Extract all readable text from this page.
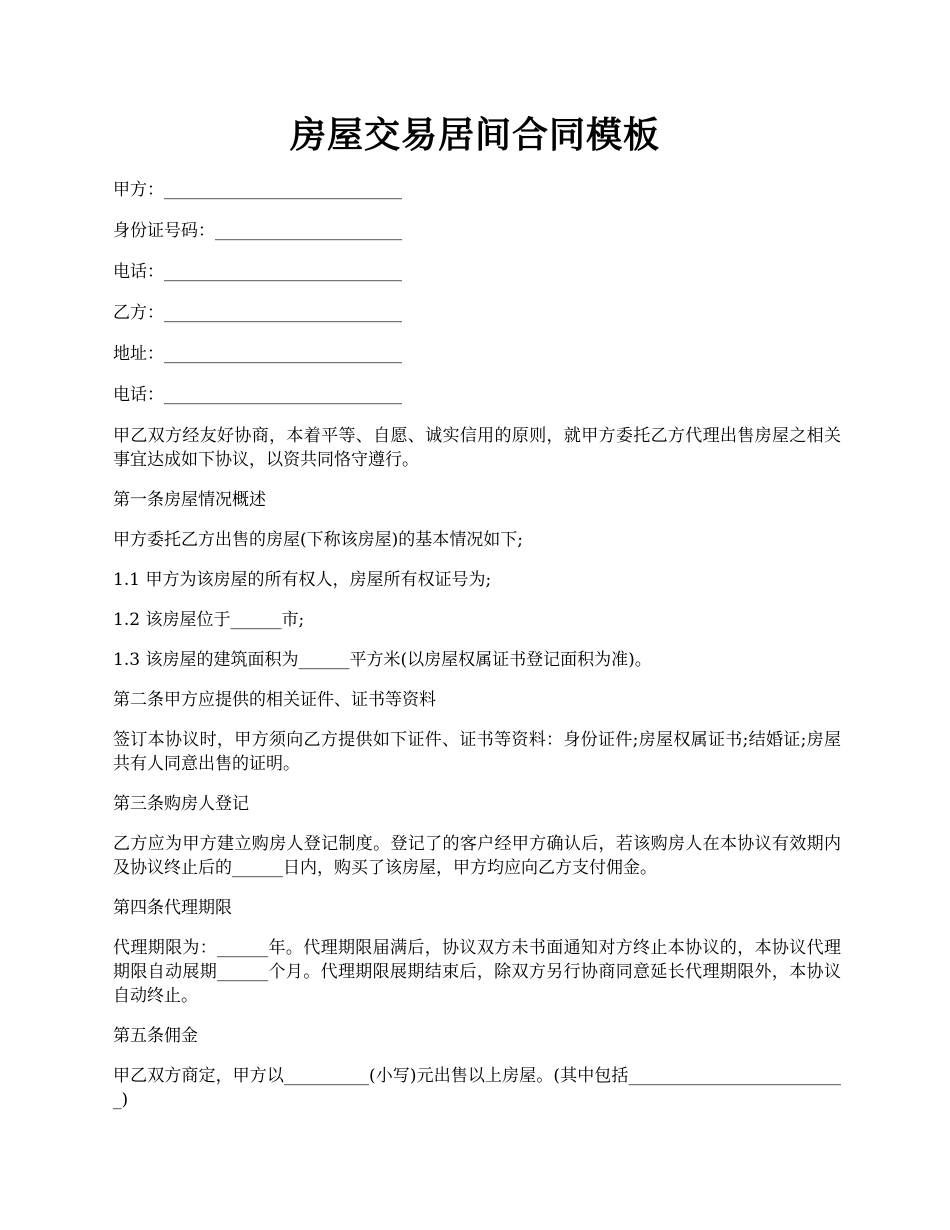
房屋交易居间合同模板
甲方：____________________________
身份证号码：______________________
电话：____________________________
乙方：____________________________
地址：____________________________
电话：____________________________

甲乙双方经友好协商，本着平等、自愿、诚实信用的原则，就甲方委托乙方代理出售房屋之相关事宜达成如下协议，以资共同恪守遵行。

第一条房屋情况概述

甲方委托乙方出售的房屋(下称该房屋)的基本情况如下;

1.1 甲方为该房屋的所有权人，房屋所有权证号为;

1.2 该房屋位于______市;

1.3 该房屋的建筑面积为______平方米(以房屋权属证书登记面积为准)。

第二条甲方应提供的相关证件、证书等资料

签订本协议时，甲方须向乙方提供如下证件、证书等资料：身份证件;房屋权属证书;结婚证;房屋共有人同意出售的证明。

第三条购房人登记

乙方应为甲方建立购房人登记制度。登记了的客户经甲方确认后，若该购房人在本协议有效期内及协议终止后的______日内，购买了该房屋，甲方均应向乙方支付佣金。

第四条代理期限

代理期限为：______年。代理期限届满后，协议双方未书面通知对方终止本协议的，本协议代理期限自动展期______个月。代理期限展期结束后，除双方另行协商同意延长代理期限外，本协议自动终止。

第五条佣金

甲乙双方商定，甲方以__________(小写)元出售以上房屋。(其中包括__________________________)
